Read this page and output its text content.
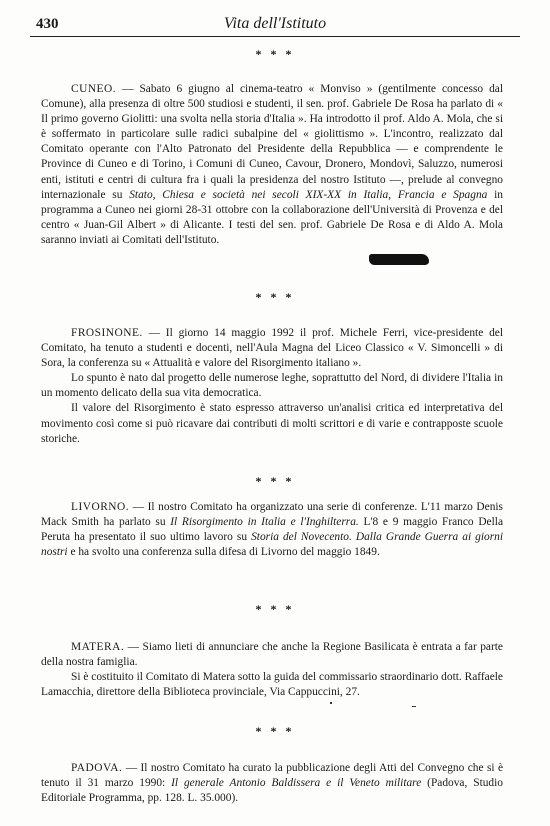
430	Vita dell'Istituto
* * *

CUNEO. — Sabato 6 giugno al cinema-teatro « Monviso » (gentilmente concesso dal Comune), alla presenza di oltre 500 studiosi e studenti, il sen. prof. Gabriele De Rosa ha parlato di « Il primo governo Giolitti: una svolta nella storia d'Italia ». Ha introdotto il prof. Aldo A. Mola, che si è soffermato in particolare sulle radici subalpine del « giolittismo ». L'incontro, realizzato dal Comitato operante con l'Alto Patronato del Presidente della Repubblica — e comprendente le Province di Cuneo e di Torino, i Comuni di Cuneo, Cavour, Dronero, Mondovì, Saluzzo, numerosi enti, istituti e centri di cultura fra i quali la presidenza del nostro Istituto —, prelude al convegno internazionale su Stato, Chiesa e società nei secoli XIX-XX in Italia, Francia e Spagna in programma a Cuneo nei giorni 28-31 ottobre con la collaborazione dell'Università di Provenza e del centro « Juan-Gil Albert » di Alicante. I testi del sen. prof. Gabriele De Rosa e di Aldo A. Mola saranno inviati ai Comitati dell'Istituto.

* * *

FROSINONE. — Il giorno 14 maggio 1992 il prof. Michele Ferri, vice-presidente del Comitato, ha tenuto a studenti e docenti, nell'Aula Magna del Liceo Classico « V. Simoncelli » di Sora, la conferenza su « Attualità e valore del Risorgimento italiano ».

Lo spunto è nato dal progetto delle numerose leghe, soprattutto del Nord, di dividere l'Italia in un momento delicato della sua vita democratica.

Il valore del Risorgimento è stato espresso attraverso un'analisi critica ed interpretativa del movimento così come si può ricavare dai contributi di molti scrittori e di varie e contrapposte scuole storiche.

* * *

LIVORNO. — Il nostro Comitato ha organizzato una serie di conferenze. L'11 marzo Denis Mack Smith ha parlato su Il Risorgimento in Italia e l'Inghilterra. L'8 e 9 maggio Franco Della Peruta ha presentato il suo ultimo lavoro su Storia del Novecento. Dalla Grande Guerra ai giorni nostri e ha svolto una conferenza sulla difesa di Livorno del maggio 1849.

* * *

MATERA. — Siamo lieti di annunciare che anche la Regione Basilicata è entrata a far parte della nostra famiglia.

Si è costituito il Comitato di Matera sotto la guida del commissario straordinario dott. Raffaele Lamacchia, direttore della Biblioteca provinciale, Via Cappuccini, 27.

* * *

PADOVA. — Il nostro Comitato ha curato la pubblicazione degli Atti del Convegno che si è tenuto il 31 marzo 1990: Il generale Antonio Baldissera e il Veneto militare (Padova, Studio Editoriale Programma, pp. 128. L. 35.000).
